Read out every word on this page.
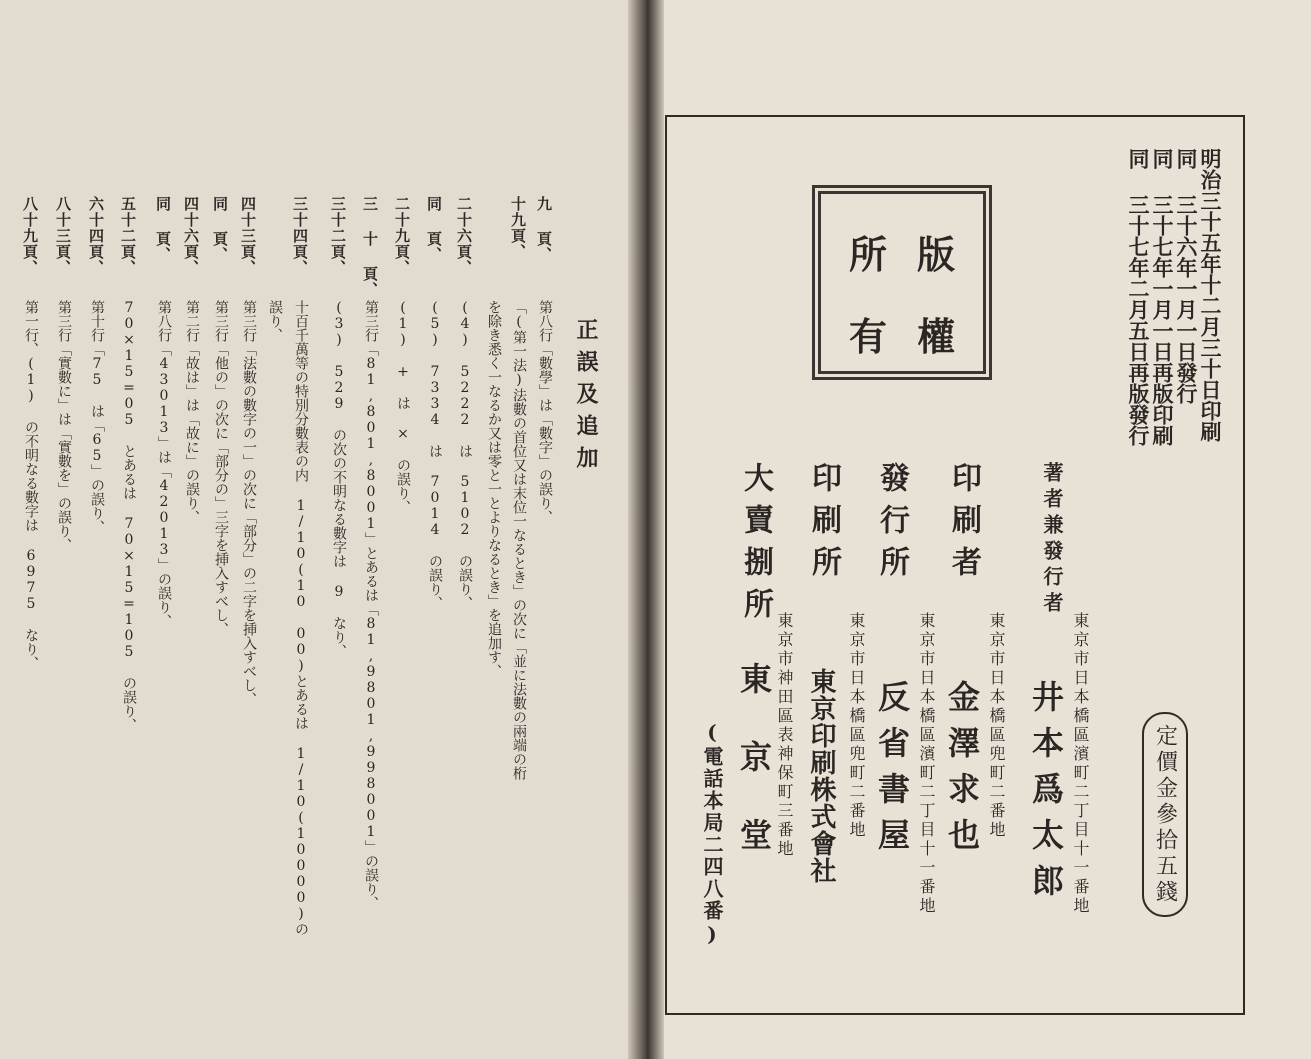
正誤及追加
九 頁、
第八行「數學」は「數字」の誤り、
十九頁、
「(第一法)法數の首位又は末位一なるとき」の次に「並に法數の兩端の桁
を除き悉く一なるか又は零と一とよりなるとき」を追加す、
二十六頁、
(4) 5222 は 5102 の誤り、
同 頁、
(5) 7334 は 7014 の誤り、
二十九頁、
(1) + は × の誤り、
三 十 頁、
第三行「81,801,8001」とあるは「81,9801,998001」の誤り、
三十二頁、
(3) 529 の次の不明なる數字は 9 なり、
三十四頁、
十百千萬等の特別分數表の内 1/10(10 00)とあるは 1/10(10000)の
誤り、
四十三頁、
第三行「法數の數字の一」の次に「部分」の二字を挿入すべし、
同 頁、
第三行「他の」の次に「部分の」三字を挿入すべし、
四十六頁、
第二行「故は」は「故に」の誤り、
同 頁、
第八行「43013」は「42013」の誤り、
五十二頁、
70×15=05 とあるは 70×15=105 の誤り、
六十四頁、
第十行「75 は「65」の誤り、
八十三頁、
第三行「實數に」は「實數を」の誤り、
八十九頁、
第一行、(1) の不明なる數字は 6975 なり、
明治三十五年十二月三十日印刷
同 三十六年一月一日發行
同 三十七年一月一日再版印刷
同 三十七年二月五日再版發行
版
權
所
有
著者兼發行者
印刷者
發行所
印刷所
大賣捌所
東京市日本橋區濱町二丁目十一番地
東京市日本橋區兜町二番地
東京市日本橋區濱町二丁目十一番地
東京市日本橋區兜町二番地
東京市神田區表神保町三番地	井本爲太郎
金澤求也
反省書屋
東京印刷株式會社
東京堂
(電話本局二四八番)	定價金參拾五錢
